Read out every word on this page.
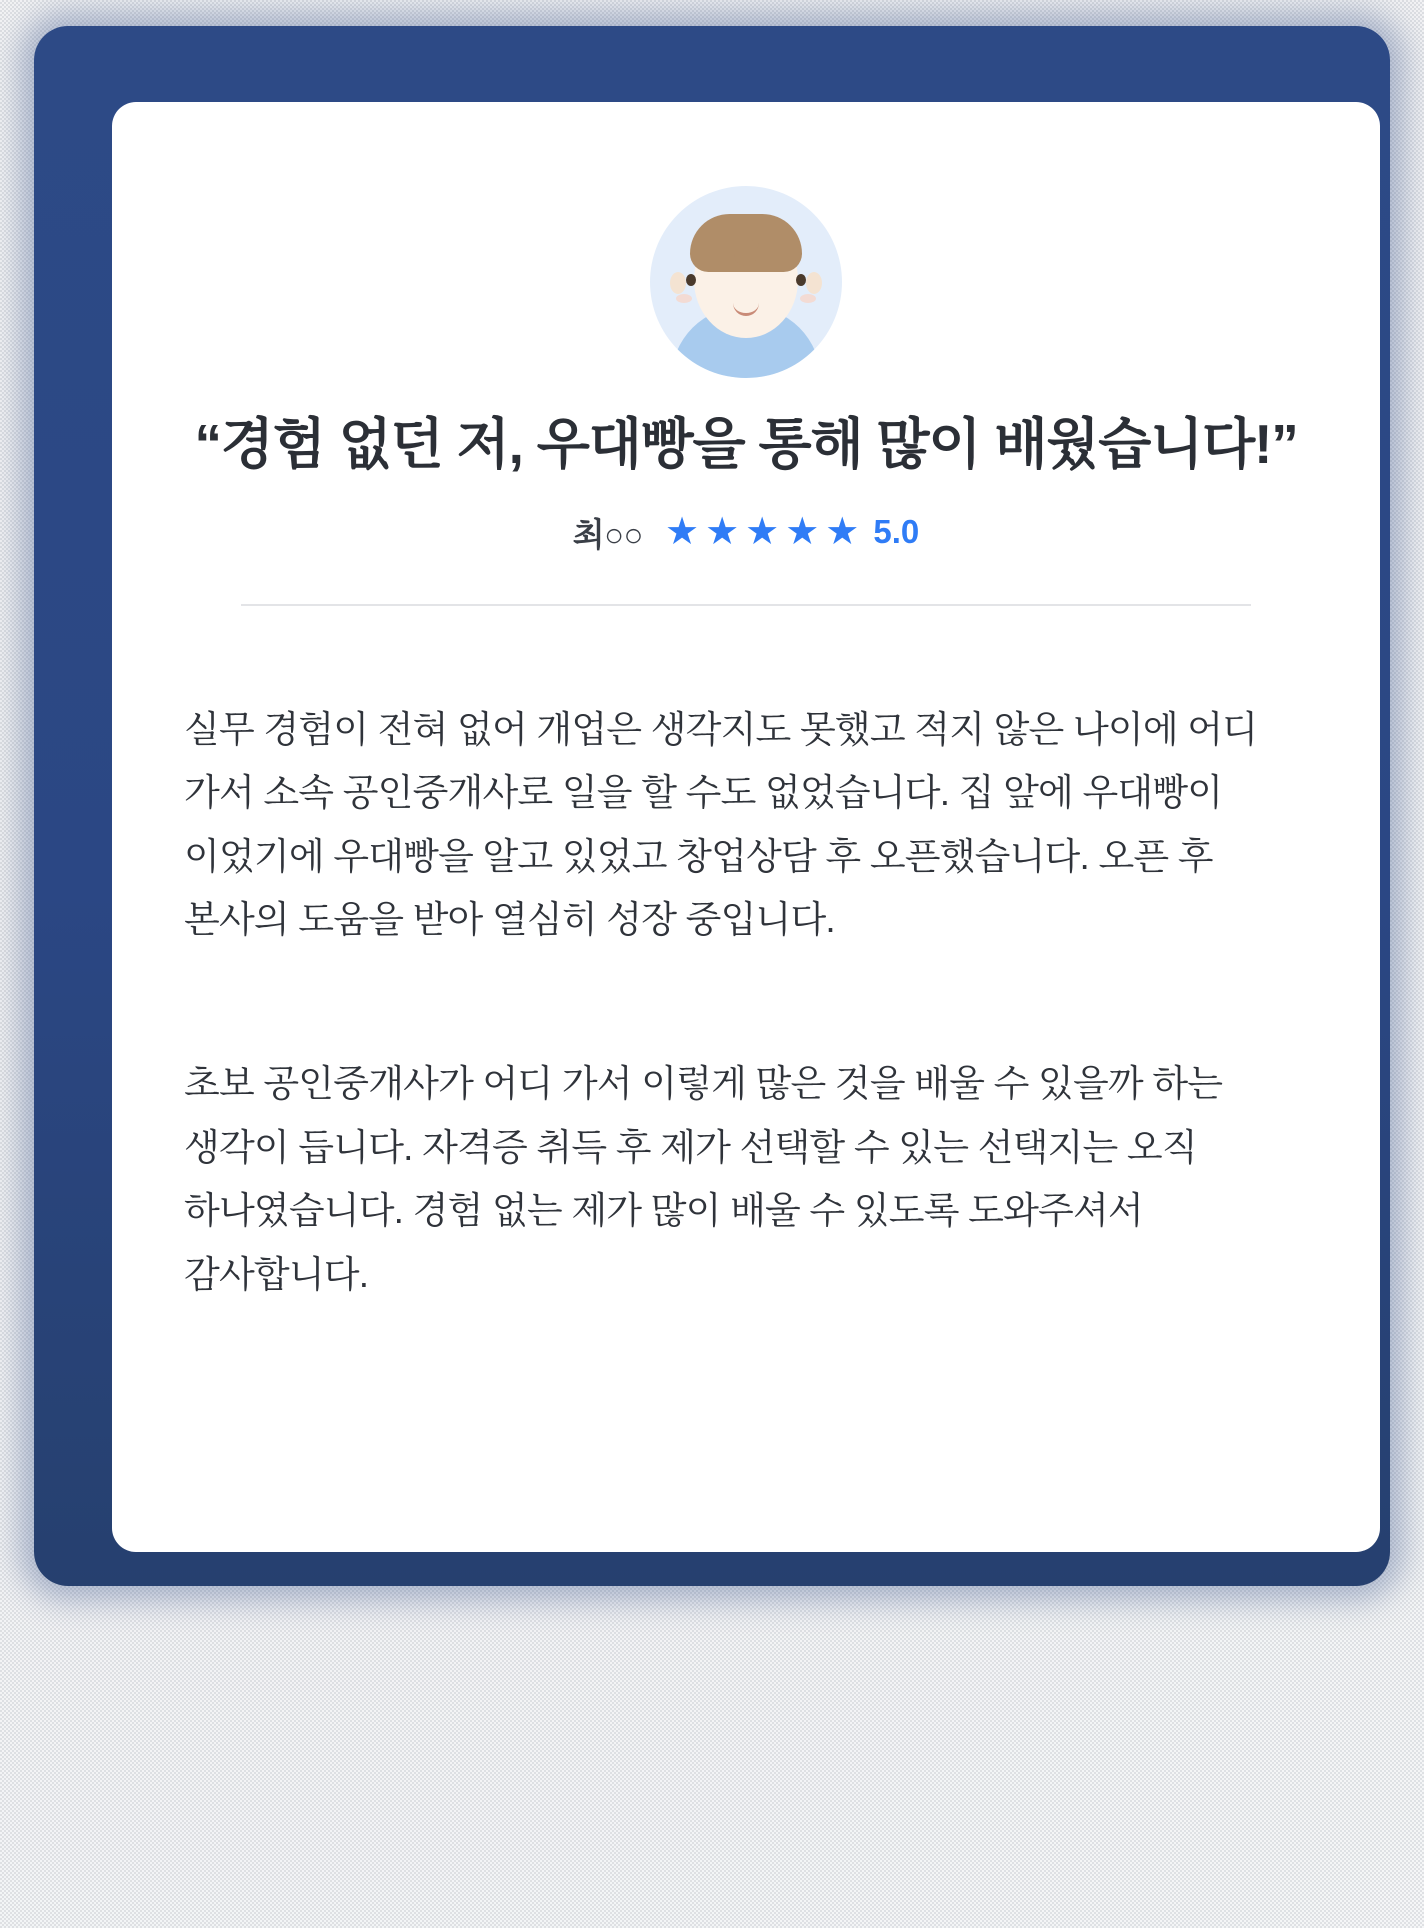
“경험 없던 저, 우대빵을 통해 많이 배웠습니다!”
최○○ ★ ★ ★ ★ ★ 5.0

실무 경험이 전혀 없어 개업은 생각지도 못했고 적지 않은 나이에 어디 가서 소속 공인중개사로 일을 할 수도 없었습니다. 집 앞에 우대빵이 이었기에 우대빵을 알고 있었고 창업상담 후 오픈했습니다. 오픈 후 본사의 도움을 받아 열심히 성장 중입니다.

초보 공인중개사가 어디 가서 이렇게 많은 것을 배울 수 있을까 하는 생각이 듭니다. 자격증 취득 후 제가 선택할 수 있는 선택지는 오직 하나였습니다. 경험 없는 제가 많이 배울 수 있도록 도와주셔서 감사합니다.
